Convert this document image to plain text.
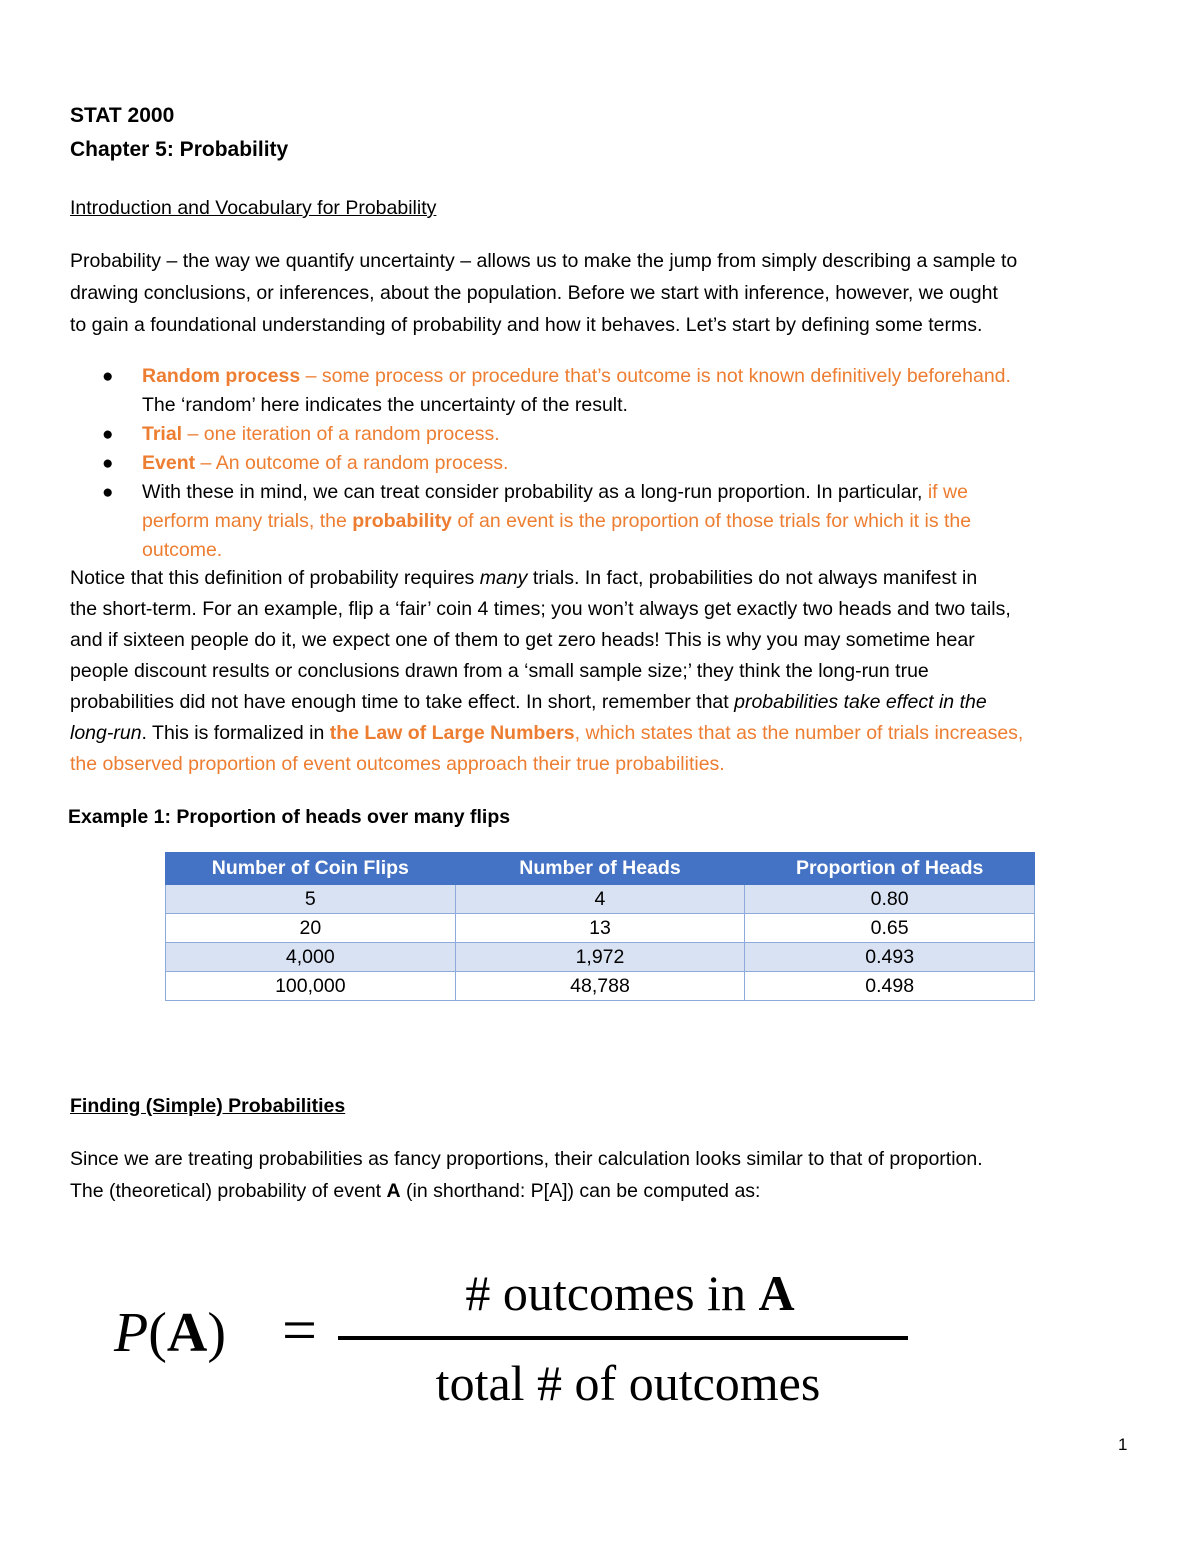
STAT 2000
Chapter 5: Probability
Introduction and Vocabulary for Probability
Probability – the way we quantify uncertainty – allows us to make the jump from simply describing a sample to
drawing conclusions, or inferences, about the population. Before we start with inference, however, we ought
to gain a foundational understanding of probability and how it behaves. Let’s start by defining some terms.
● Random process – some process or procedure that’s outcome is not known definitively beforehand.
The ‘random’ here indicates the uncertainty of the result.
● Trial – one iteration of a random process.
● Event – An outcome of a random process.
● With these in mind, we can treat consider probability as a long-run proportion. In particular, if we
perform many trials, the probability of an event is the proportion of those trials for which it is the
outcome.
Notice that this definition of probability requires many trials. In fact, probabilities do not always manifest in
the short-term. For an example, flip a ‘fair’ coin 4 times; you won’t always get exactly two heads and two tails,
and if sixteen people do it, we expect one of them to get zero heads! This is why you may sometime hear
people discount results or conclusions drawn from a ‘small sample size;’ they think the long-run true
probabilities did not have enough time to take effect. In short, remember that probabilities take effect in the
long-run. This is formalized in the Law of Large Numbers, which states that as the number of trials increases,
the observed proportion of event outcomes approach their true probabilities.
Example 1: Proportion of heads over many flips
Number of Coin Flips	Number of Heads	Proportion of Heads
5	4	0.80
20	13	0.65
4,000	1,972	0.493
100,000	48,788	0.498
Finding (Simple) Probabilities
Since we are treating probabilities as fancy proportions, their calculation looks similar to that of proportion.
The (theoretical) probability of event A (in shorthand: P[A]) can be computed as:
P(A) =
# outcomes in A
total # of outcomes
1
